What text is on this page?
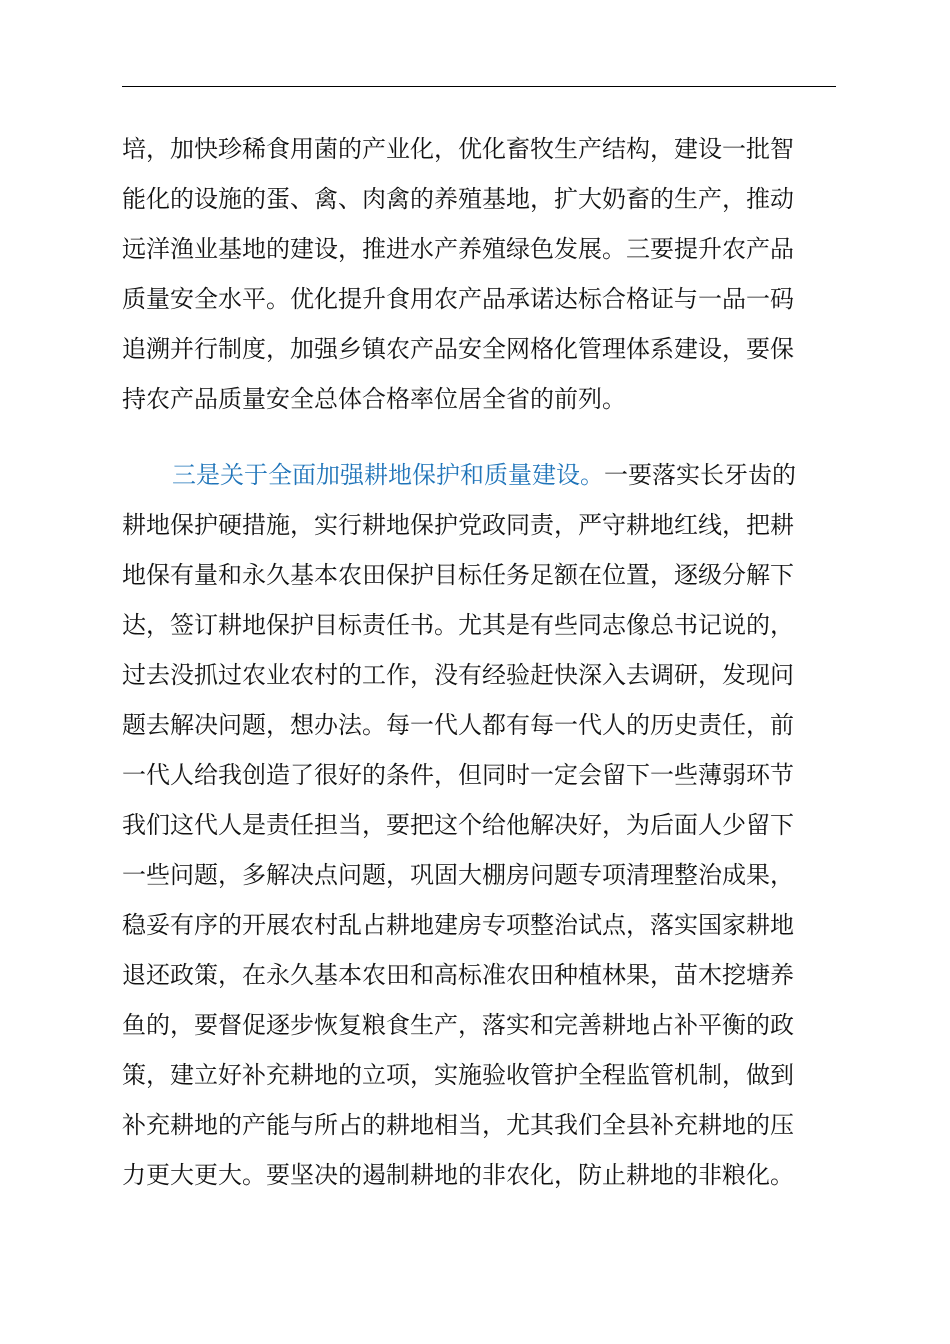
培，加快珍稀食用菌的产业化，优化畜牧生产结构，建设一批智
能化的设施的蛋、禽、肉禽的养殖基地，扩大奶畜的生产，推动
远洋渔业基地的建设，推进水产养殖绿色发展。三要提升农产品
质量安全水平。优化提升食用农产品承诺达标合格证与一品一码
追溯并行制度，加强乡镇农产品安全网格化管理体系建设，要保
持农产品质量安全总体合格率位居全省的前列。

三是关于全面加强耕地保护和质量建设。一要落实长牙齿的
耕地保护硬措施，实行耕地保护党政同责，严守耕地红线，把耕
地保有量和永久基本农田保护目标任务足额在位置，逐级分解下
达，签订耕地保护目标责任书。尤其是有些同志像总书记说的，
过去没抓过农业农村的工作，没有经验赶快深入去调研，发现问
题去解决问题，想办法。每一代人都有每一代人的历史责任，前
一代人给我创造了很好的条件，但同时一定会留下一些薄弱环节
我们这代人是责任担当，要把这个给他解决好，为后面人少留下
一些问题，多解决点问题，巩固大棚房问题专项清理整治成果，
稳妥有序的开展农村乱占耕地建房专项整治试点，落实国家耕地
退还政策，在永久基本农田和高标准农田种植林果，苗木挖塘养
鱼的，要督促逐步恢复粮食生产，落实和完善耕地占补平衡的政
策，建立好补充耕地的立项，实施验收管护全程监管机制，做到
补充耕地的产能与所占的耕地相当，尤其我们全县补充耕地的压
力更大更大。要坚决的遏制耕地的非农化，防止耕地的非粮化。
